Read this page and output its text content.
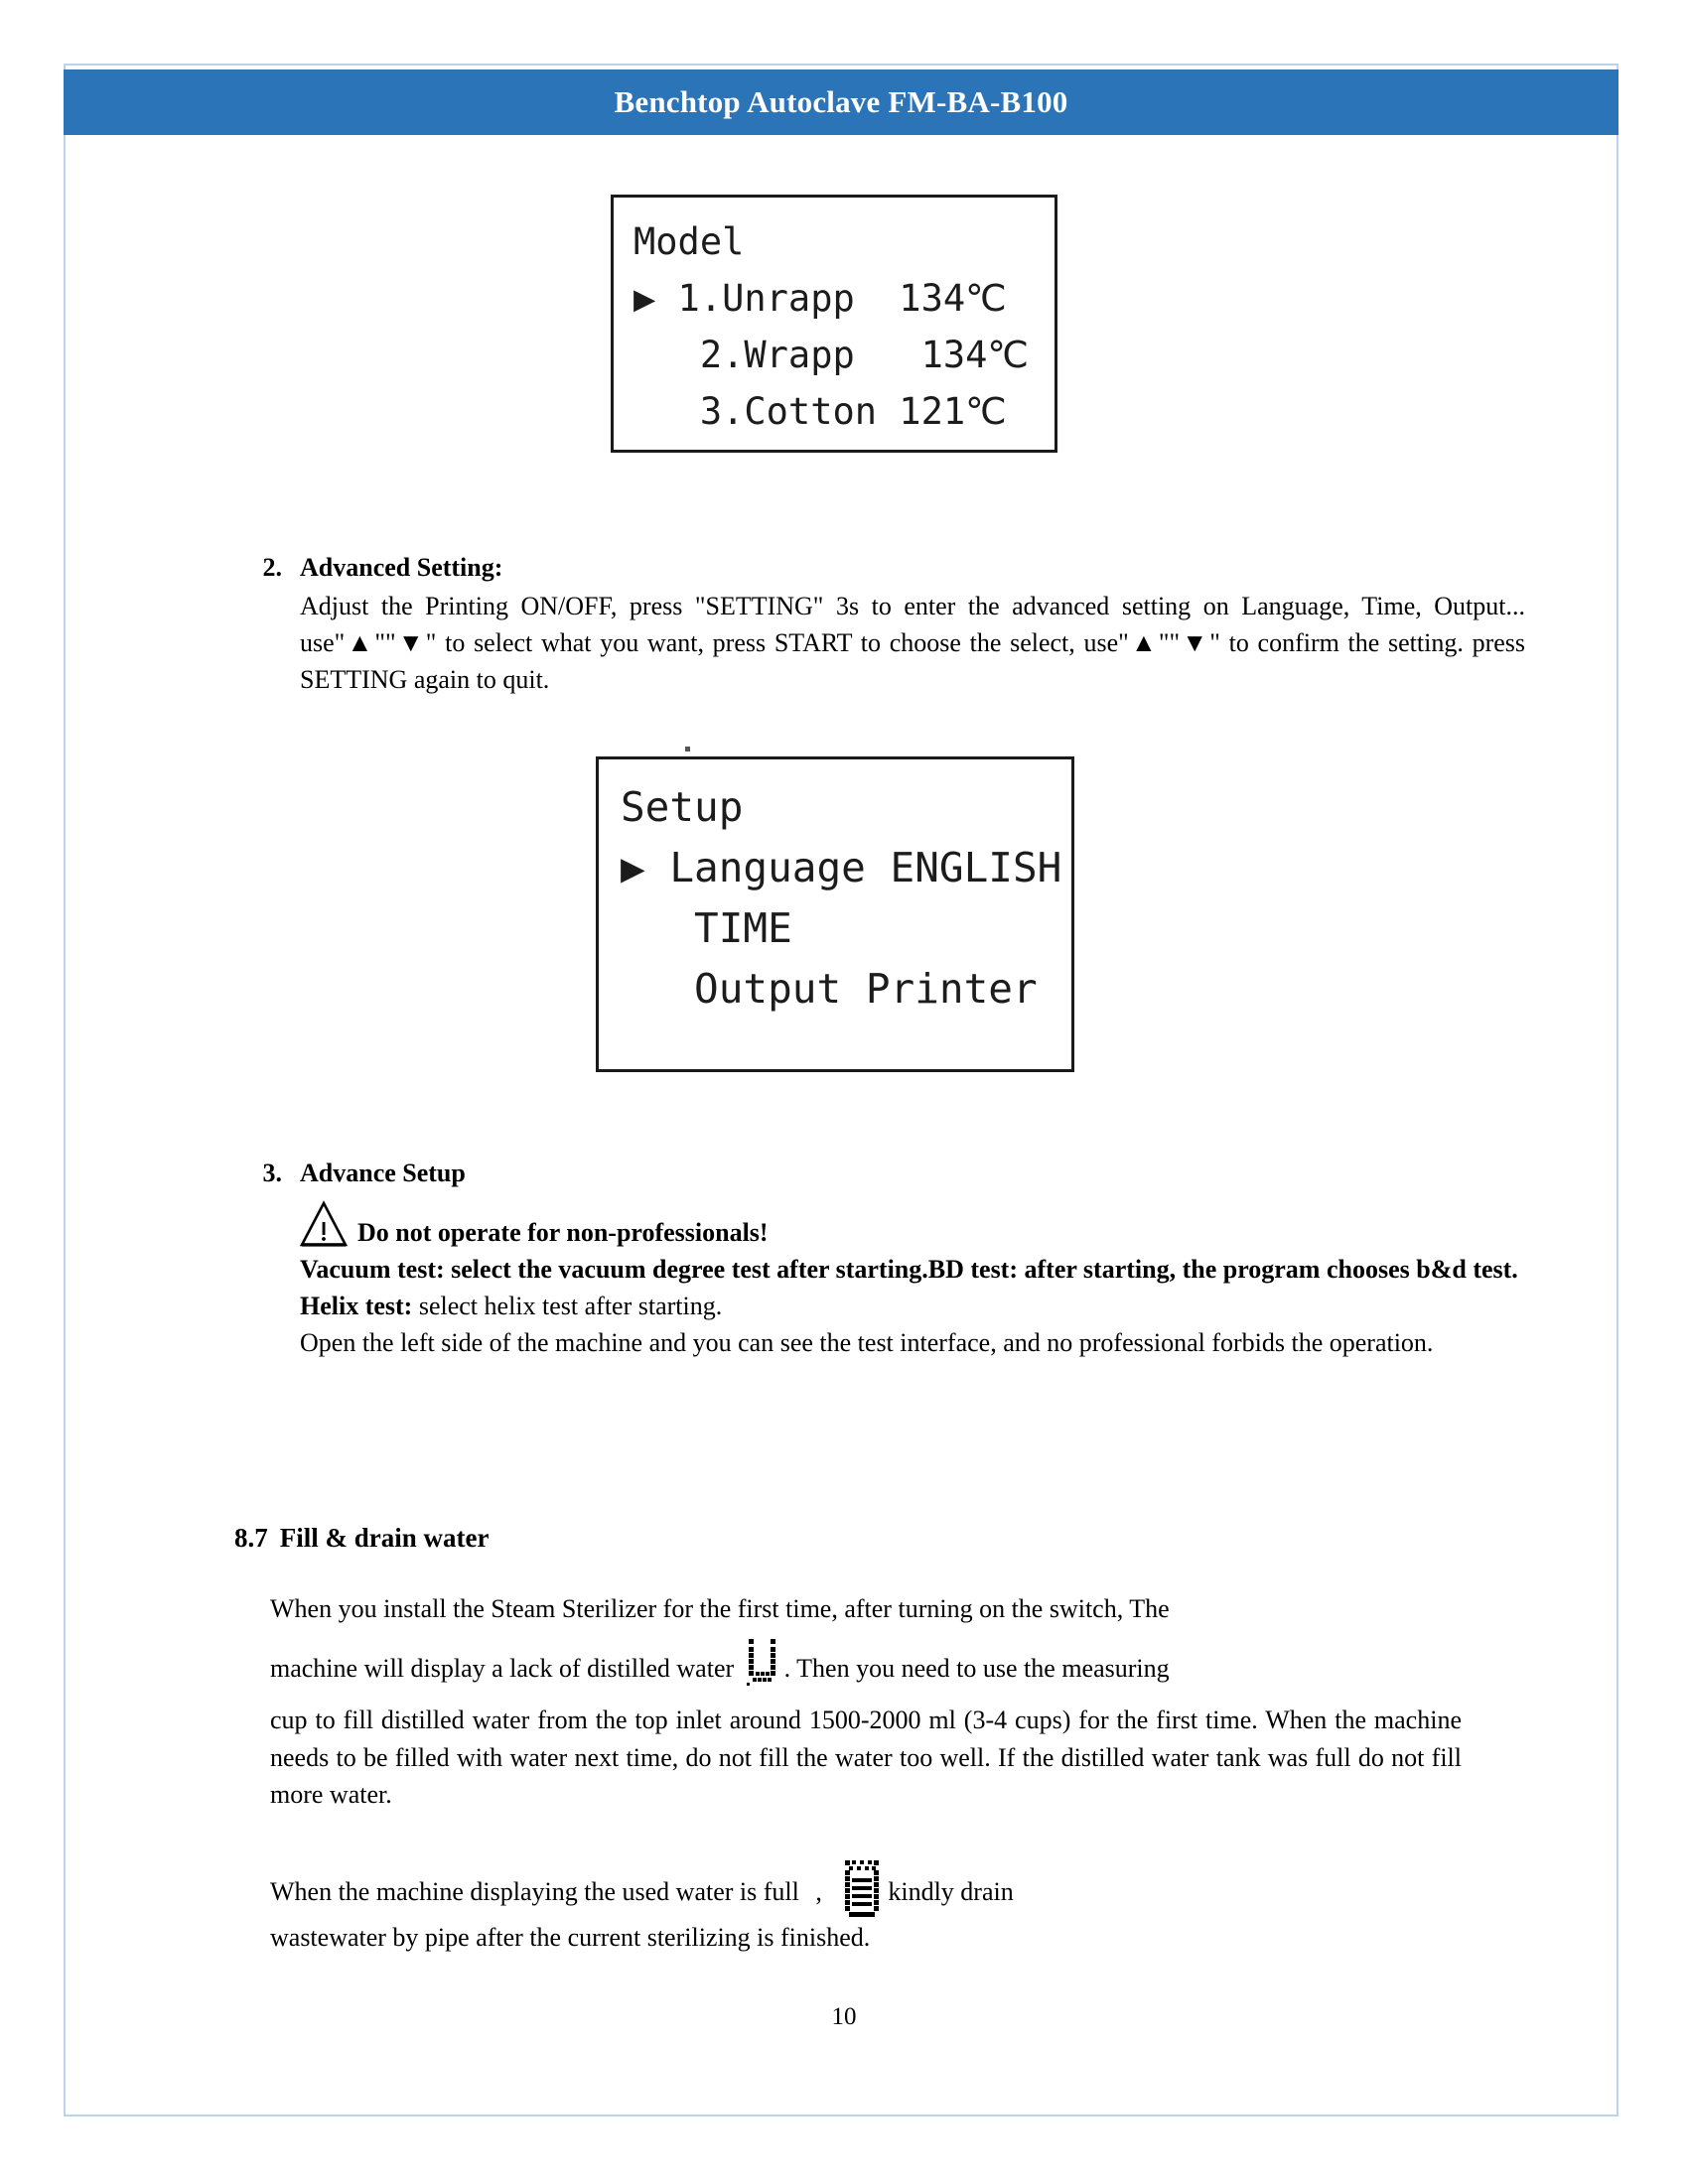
Benchtop Autoclave FM-BA-B100
Model
▶ 1.Unrapp  134℃
2.Wrapp   134℃
3.Cotton 121℃
2. Advanced Setting:

Adjust the Printing ON/OFF, press "SETTING" 3s to enter the advanced setting on Language, Time, Output... use"▲""▼" to select what you want, press START to choose the select, use"▲""▼" to confirm the setting. press SETTING again to quit.

Setup
▶ Language ENGLISH
TIME
Output Printer
3. Advance Setup
Do not operate for non-professionals!

Vacuum test: select the vacuum degree test after starting.BD test: after starting, the program chooses b&d test.

Helix test: select helix test after starting.

Open the left side of the machine and you can see the test interface, and no professional forbids the operation.

8.7 Fill & drain water
When you install the Steam Sterilizer for the first time, after turning on the switch, The
machine will display a lack of distilled water . Then you need to use the measuring
cup to fill distilled water from the top inlet around 1500-2000 ml (3-4 cups) for the first time. When the machine needs to be filled with water next time, do not fill the water too well. If the distilled water tank was full do not fill more water.
When the machine displaying the used water is full ,	kindly drain
wastewater by pipe after the current sterilizing is finished.
10
